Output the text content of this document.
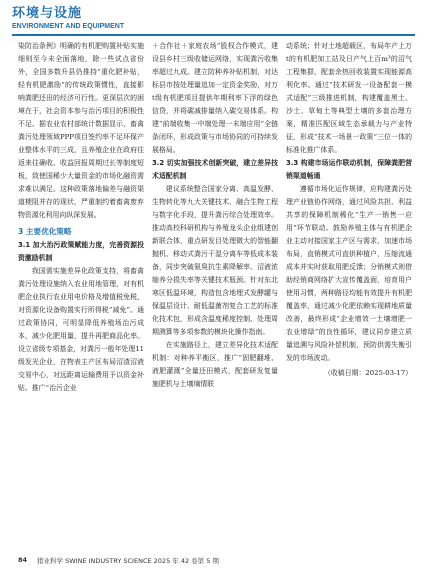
环境与设施
ENVIRONMENT AND EQUIPMENT

染防治条例》明确的有机肥购置补贴实施细则至今未全面落地，除一些试点省份外，全国多数升县仍推持“重化肥补贴，轻有机肥激励”的传统政策惯性，直接影响粪肥还田的经济可行性。更深层次的困境在于，社会资本参与治污项目的积极性不足。据农业农村部统计数据显示，畜禽粪污处理领域PPP项目签约率不足环保产业整体水平的三成，且养殖企业在政府往返来往确收、收益回报周期过长等制度短板，致使国稀少大量资金的市场化融资需求难以满足。这种政策落地偏差与融资渠道梗阻并存的现状，严重制约着畜禽废弃物资源化利用向纵深发展。

3 主要优化策略
3.1 加大治污政策赋能力度，完善资源投资激励机制

我国需实施差异化政策支持，将畜禽粪污处理设施纳入农业用地管理，对有机肥企业执行农业用电价格及增值税免税，对资源化设备购置实行所得税“减免”。通过政策协同，可明显降低养殖场治污成本，减少化肥用量，提升再肥商品化率。设立省级专项基金，对粪污一般年处理11级发光企业，在物表主产区布局沼渣沼液交易中心，对远距离运输费用予以资金补贴。推广“治污企业

＋合作社＋家庭农场”股权合作模式，建设县乡村三级收储运网络，实现粪污收集率超过九成。建立防种养补贴机制，对达标县市按处理量追加一定资金奖励，对万t级有机肥项目提供年期利率下浮的绿色信贷，并将碳减排量纳入碳交易体系。构建“前端收集一中端处理一末端应用”全链条闭环，形成政策与市场协同的可持续发展格局。

3.2 切实加强技术创新突破，建立差异技术适配机制

建议系统整合国家分离、高温发酵、生物转化等九大关键技术、融合生物工程与数字化手段，提升粪污综合处理效率。推动高校科研机构与养殖龙头企业组建创新联合体，重点研发目处理微大的智能翻抛机、移动式粪污干湿分离车等低成本装备，同步突破氨臭抗生素降解率、沼液浓缩养分损失率等关键技术瓶颈。针对东北寒区低温环境，构造包含地埋式发酵罐与保温层设计、耐低温菌剂复合工艺的标准化技术包，形成含温度稀度控制、处理周期测算等多项参数的模块化操作指南。

在实施路径上，建立差异化技术适配机制：对种养平衡区，推广“固肥翻堆、液肥灌溉”全量还田模式，配套研发复量施肥机与土壤墒情联

动系统；针对土地超载区，布局年产上万t的有机肥加工站及日产气上百m³的沼气工程集群，配套余热回收装置实现能源高利化率。通过“技术研发一设备配套一模式适配”三级推进机制，构建覆盖黑土、沙土、草甸土等典型土壤的多套治理方案，精准匹配区域生态承载力与产业特征，形成“技术一场景一政策”三位一体的标准化推广体系。

3.3 构建市场运作联动机制，保障粪肥营销渠道畅通

遵循市场化运作规律，应构建粪污处理产业链协作网络，通过风险共担、利益共享的保障机制稀化“生产一销售一应用”环节联动。鼓励养殖主体与有机肥企业主动对接国家主产区与需求，加速市场布局，直销模式可直供种植户，压缩流通成本并实时获取用肥反馈；分销模式则借助经销商网络扩大宣传覆盖面，培育用户使用习惯，两种路径均能有效提升有机肥覆盖率，通过减少化肥依赖实现耕地质量改善，最终形成“企业增效一土壤增肥一农业增绿”的良性循环，建议同步建立质量追溯与风险补偿机制，预防供需失衡引发的市场波动。

（收稿日期：2025-03-17）
84 猪业科学 SWINE INDUSTRY SCIENCE 2025 年 42 卷第 5 期
